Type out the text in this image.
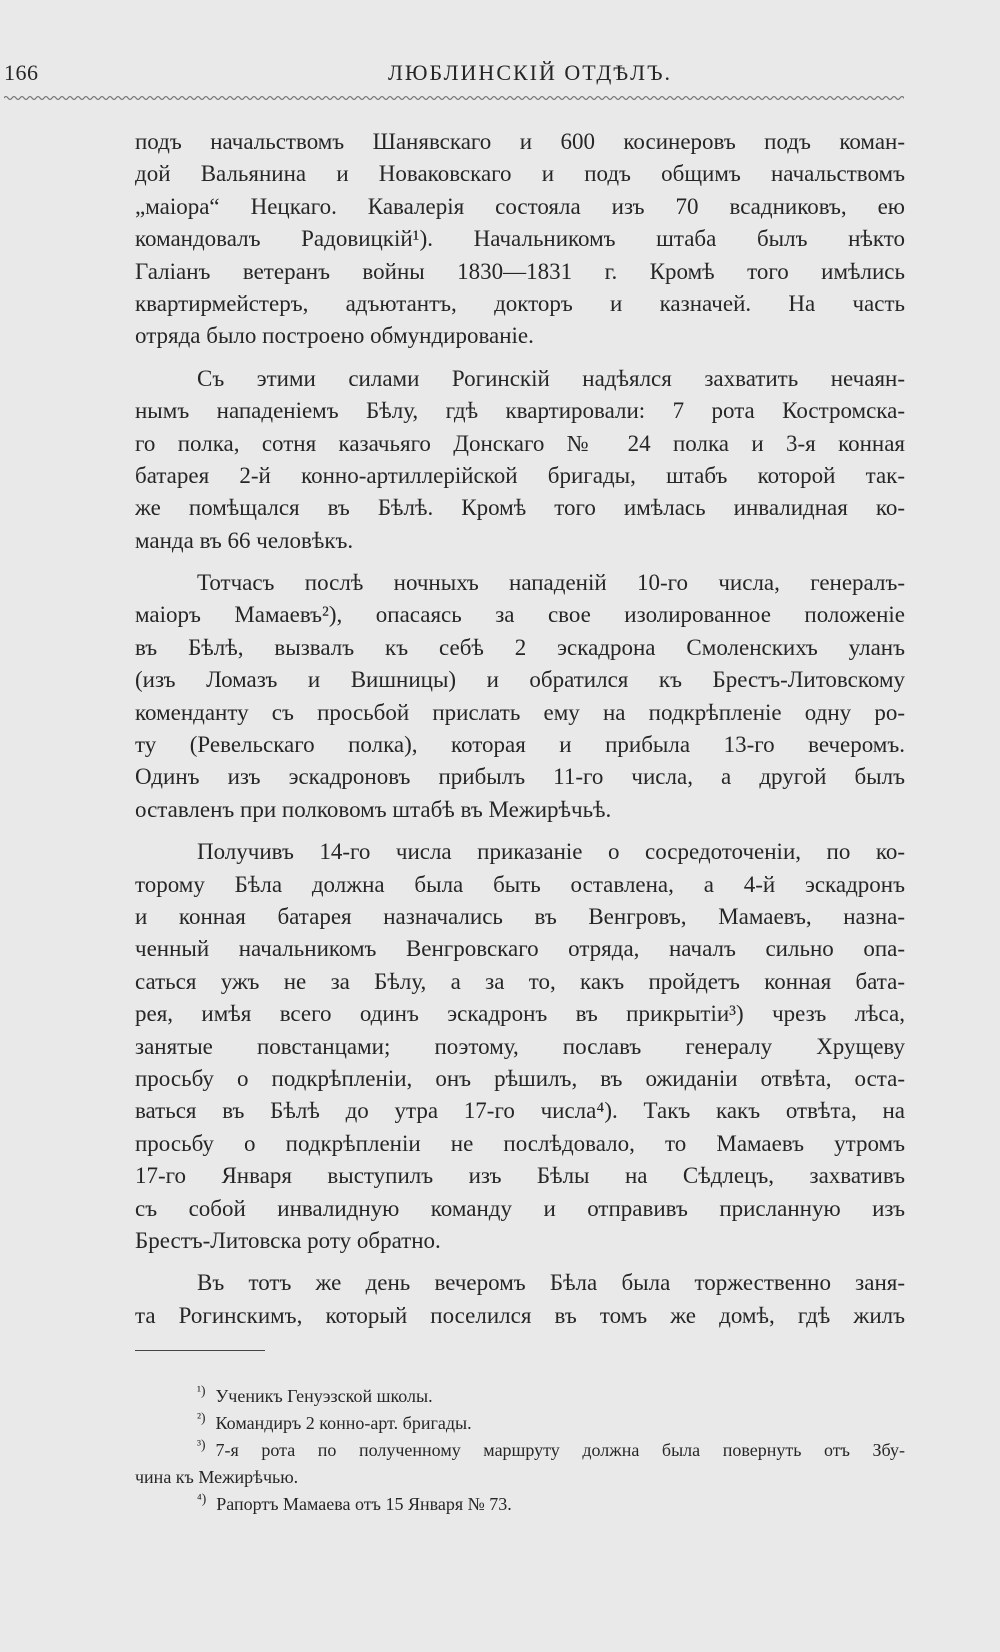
166	ЛЮБЛИНСКІЙ ОТДѢЛЪ.
подъ начальствомъ Шанявскаго и 600 косинеровъ подъ коман-
дой Вальянина и Новаковскаго и подъ общимъ начальствомъ
„маіора“ Нецкаго. Кавалерія состояла изъ 70 всадниковъ, ею
командовалъ Радовицкій¹). Начальникомъ штаба былъ нѣкто
Галіанъ ветеранъ войны 1830—1831 г. Кромѣ того имѣлись
квартирмейстеръ, адъютантъ, докторъ и казначей. На часть
отряда было построено обмундированіе.
Съ этими силами Рогинскій надѣялся захватить нечаян-
нымъ нападеніемъ Бѣлу, гдѣ квартировали: 7 рота Костромска-
го полка, сотня казачьяго Донскаго № 24 полка и 3-я конная
батарея 2-й конно-артиллерійской бригады, штабъ которой так-
же помѣщался въ Бѣлѣ. Кромѣ того имѣлась инвалидная ко-
манда въ 66 человѣкъ.
Тотчасъ послѣ ночныхъ нападеній 10-го числа, генералъ-
маіоръ Мамаевъ²), опасаясь за свое изолированное положеніе
въ Бѣлѣ, вызвалъ къ себѣ 2 эскадрона Смоленскихъ уланъ
(изъ Ломазъ и Вишницы) и обратился къ Брестъ-Литовскому
коменданту съ просьбой прислать ему на подкрѣпленіе одну ро-
ту (Ревельскаго полка), которая и прибыла 13-го вечеромъ.
Одинъ изъ эскадроновъ прибылъ 11-го числа, а другой былъ
оставленъ при полковомъ штабѣ въ Межирѣчьѣ.
Получивъ 14-го числа приказаніе о сосредоточеніи, по ко-
торому Бѣла должна была быть оставлена, а 4-й эскадронъ
и конная батарея назначались въ Венгровъ, Мамаевъ, назна-
ченный начальникомъ Венгровскаго отряда, началъ сильно опа-
саться ужъ не за Бѣлу, а за то, какъ пройдетъ конная бата-
рея, имѣя всего одинъ эскадронъ въ прикрытіи³) чрезъ лѣса,
занятые повстанцами; поэтому, пославъ генералу Хрущеву
просьбу о подкрѣпленіи, онъ рѣшилъ, въ ожиданіи отвѣта, оста-
ваться въ Бѣлѣ до утра 17-го числа⁴). Такъ какъ отвѣта, на
просьбу о подкрѣпленіи не послѣдовало, то Мамаевъ утромъ
17-го Января выступилъ изъ Бѣлы на Сѣдлецъ, захвативъ
съ собой инвалидную команду и отправивъ присланную изъ
Брестъ-Литовска роту обратно.
Въ тотъ же день вечеромъ Бѣла была торжественно заня-
та Рогинскимъ, который поселился въ томъ же домѣ, гдѣ жилъ
$^{^1)}$ Ученикъ Генуэзской школы.
$^{^2)}$ Командиръ 2 конно-арт. бригады.
$^{^3)}$ 7-я рота по полученному маршруту должна была повернуть отъ Збу-
чина къ Межирѣчью.
$^{^4)}$ Рапортъ Мамаева отъ 15 Января № 73.
